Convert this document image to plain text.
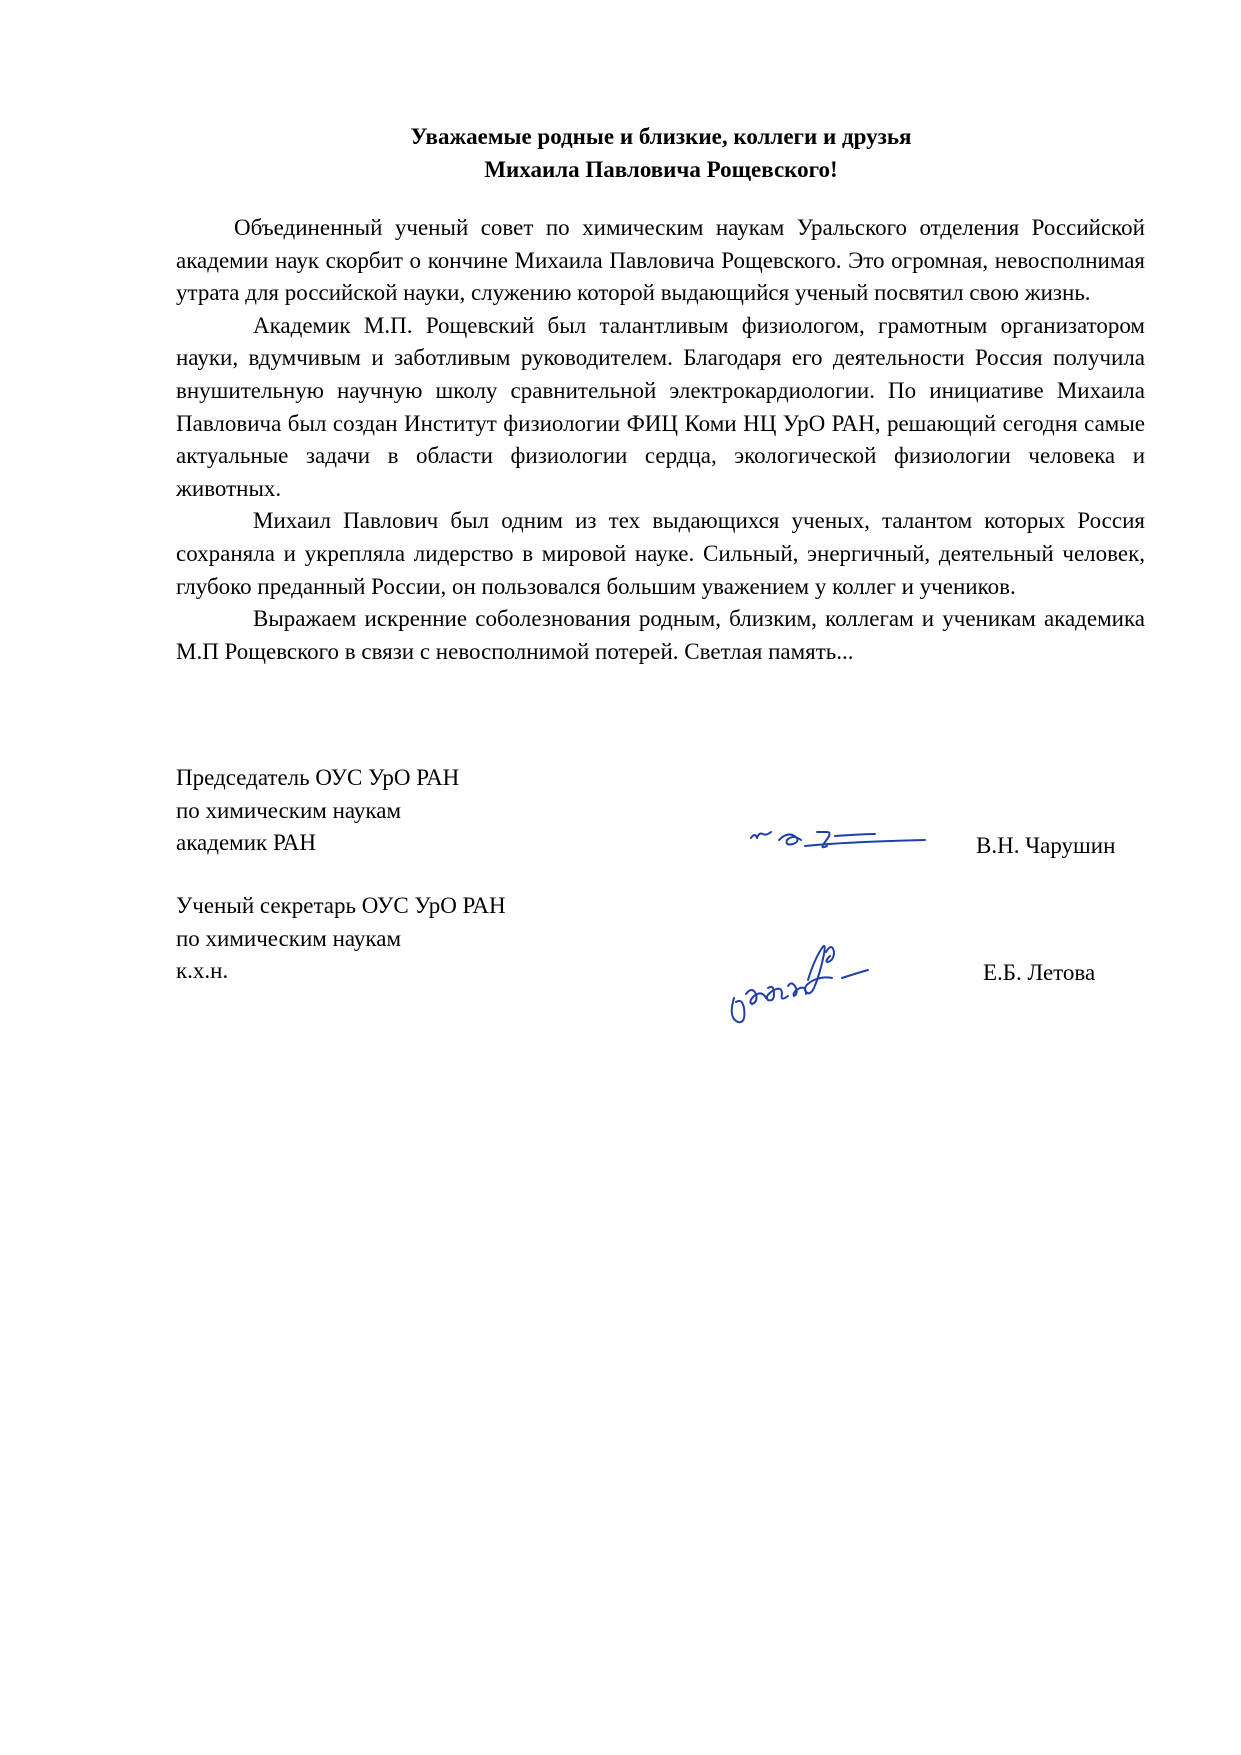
Уважаемые родные и близкие, коллеги и друзья
Михаила Павловича Рощевского!

Объединенный ученый совет по химическим наукам Уральского отделения Российской академии наук скорбит о кончине Михаила Павловича Рощевского. Это огромная, невосполнимая утрата для российской науки, служению которой выдающийся ученый посвятил свою жизнь.

Академик М.П. Рощевский был талантливым физиологом, грамотным организатором науки, вдумчивым и заботливым руководителем. Благодаря его деятельности Россия получила внушительную научную школу сравнительной электрокардиологии. По инициативе Михаила Павловича был создан Институт физиологии ФИЦ Коми НЦ УрО РАН, решающий сегодня самые актуальные задачи в области физиологии сердца, экологической физиологии человека и животных.

Михаил Павлович был одним из тех выдающихся ученых, талантом которых Россия сохраняла и укрепляла лидерство в мировой науке. Сильный, энергичный, деятельный человек, глубоко преданный России, он пользовался большим уважением у коллег и учеников.

Выражаем искренние соболезнования родным, близким, коллегам и ученикам академика М.П Рощевского в связи с невосполнимой потерей. Светлая память...

Председатель ОУС УрО РАН
по химическим наукам
академик РАН	В.Н. Чарушин
Ученый секретарь ОУС УрО РАН
по химическим наукам
к.х.н.	Е.Б. Летова
